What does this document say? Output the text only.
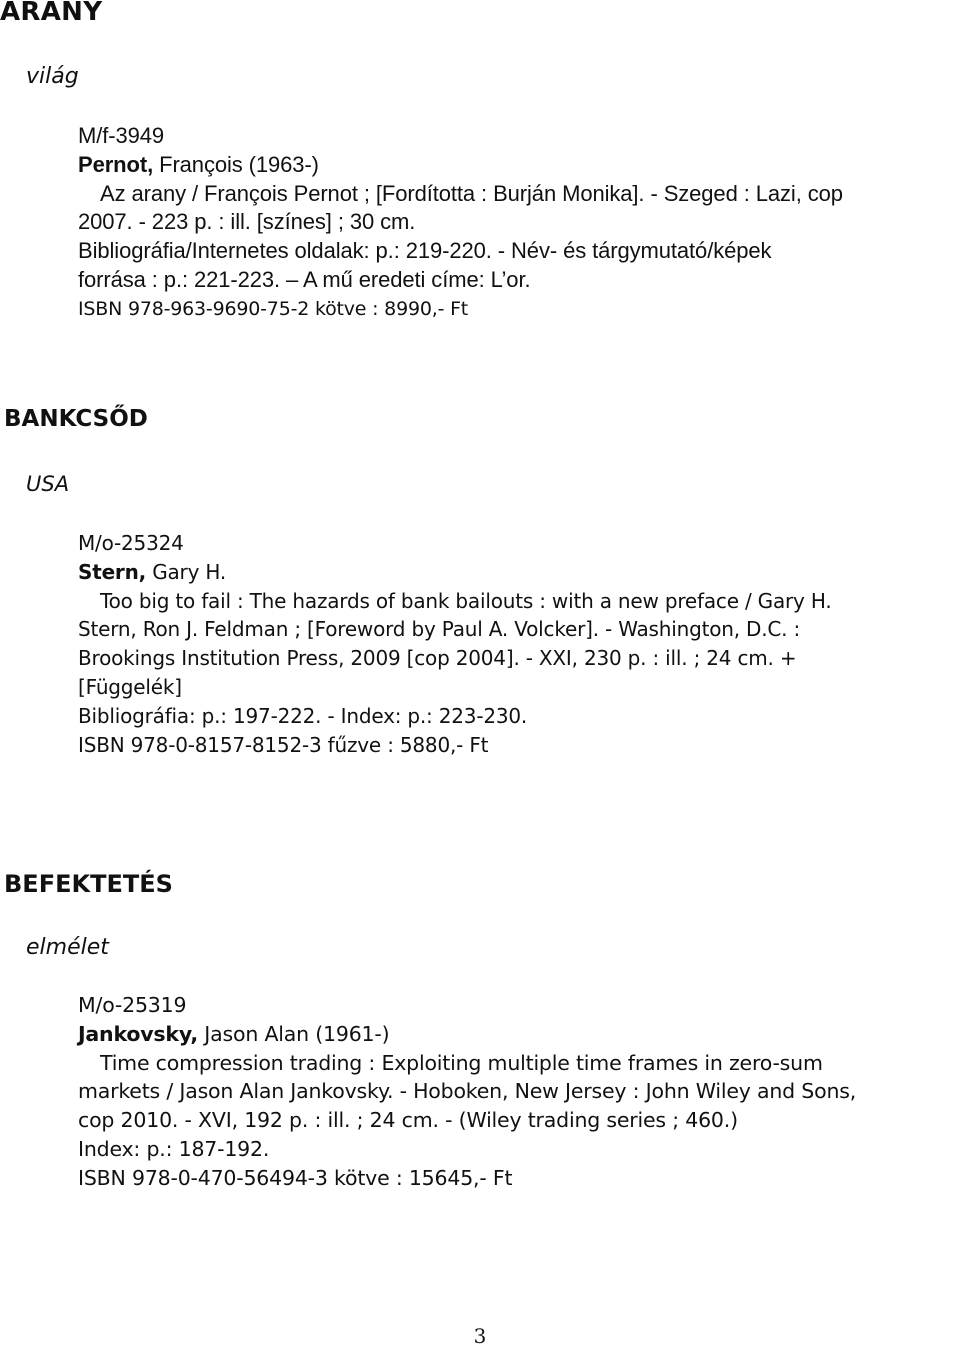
ARANY
világ
M/f-3949
Pernot, François (1963-)
Az arany / François Pernot ; [Fordította : Burján Monika]. - Szeged : Lazi, cop
2007. - 223 p. : ill. [színes] ; 30 cm.
Bibliográfia/Internetes oldalak: p.: 219-220. - Név- és tárgymutató/képek
forrása : p.: 221-223. – A mű eredeti címe: L’or.
ISBN 978-963-9690-75-2 kötve : 8990,- Ft
BANKCSŐD
USA
M/o-25324
Stern, Gary H.
Too big to fail : The hazards of bank bailouts : with a new preface / Gary H.
Stern, Ron J. Feldman ; [Foreword by Paul A. Volcker]. - Washington, D.C. :
Brookings Institution Press, 2009 [cop 2004]. - XXI, 230 p. : ill. ; 24 cm. +
[Függelék]
Bibliográfia: p.: 197-222. - Index: p.: 223-230.
ISBN 978-0-8157-8152-3 fűzve : 5880,- Ft
BEFEKTETÉS
elmélet
M/o-25319
Jankovsky, Jason Alan (1961-)
Time compression trading : Exploiting multiple time frames in zero-sum
markets / Jason Alan Jankovsky. - Hoboken, New Jersey : John Wiley and Sons,
cop 2010. - XVI, 192 p. : ill. ; 24 cm. - (Wiley trading series ; 460.)
Index: p.: 187-192.
ISBN 978-0-470-56494-3 kötve : 15645,- Ft
3
